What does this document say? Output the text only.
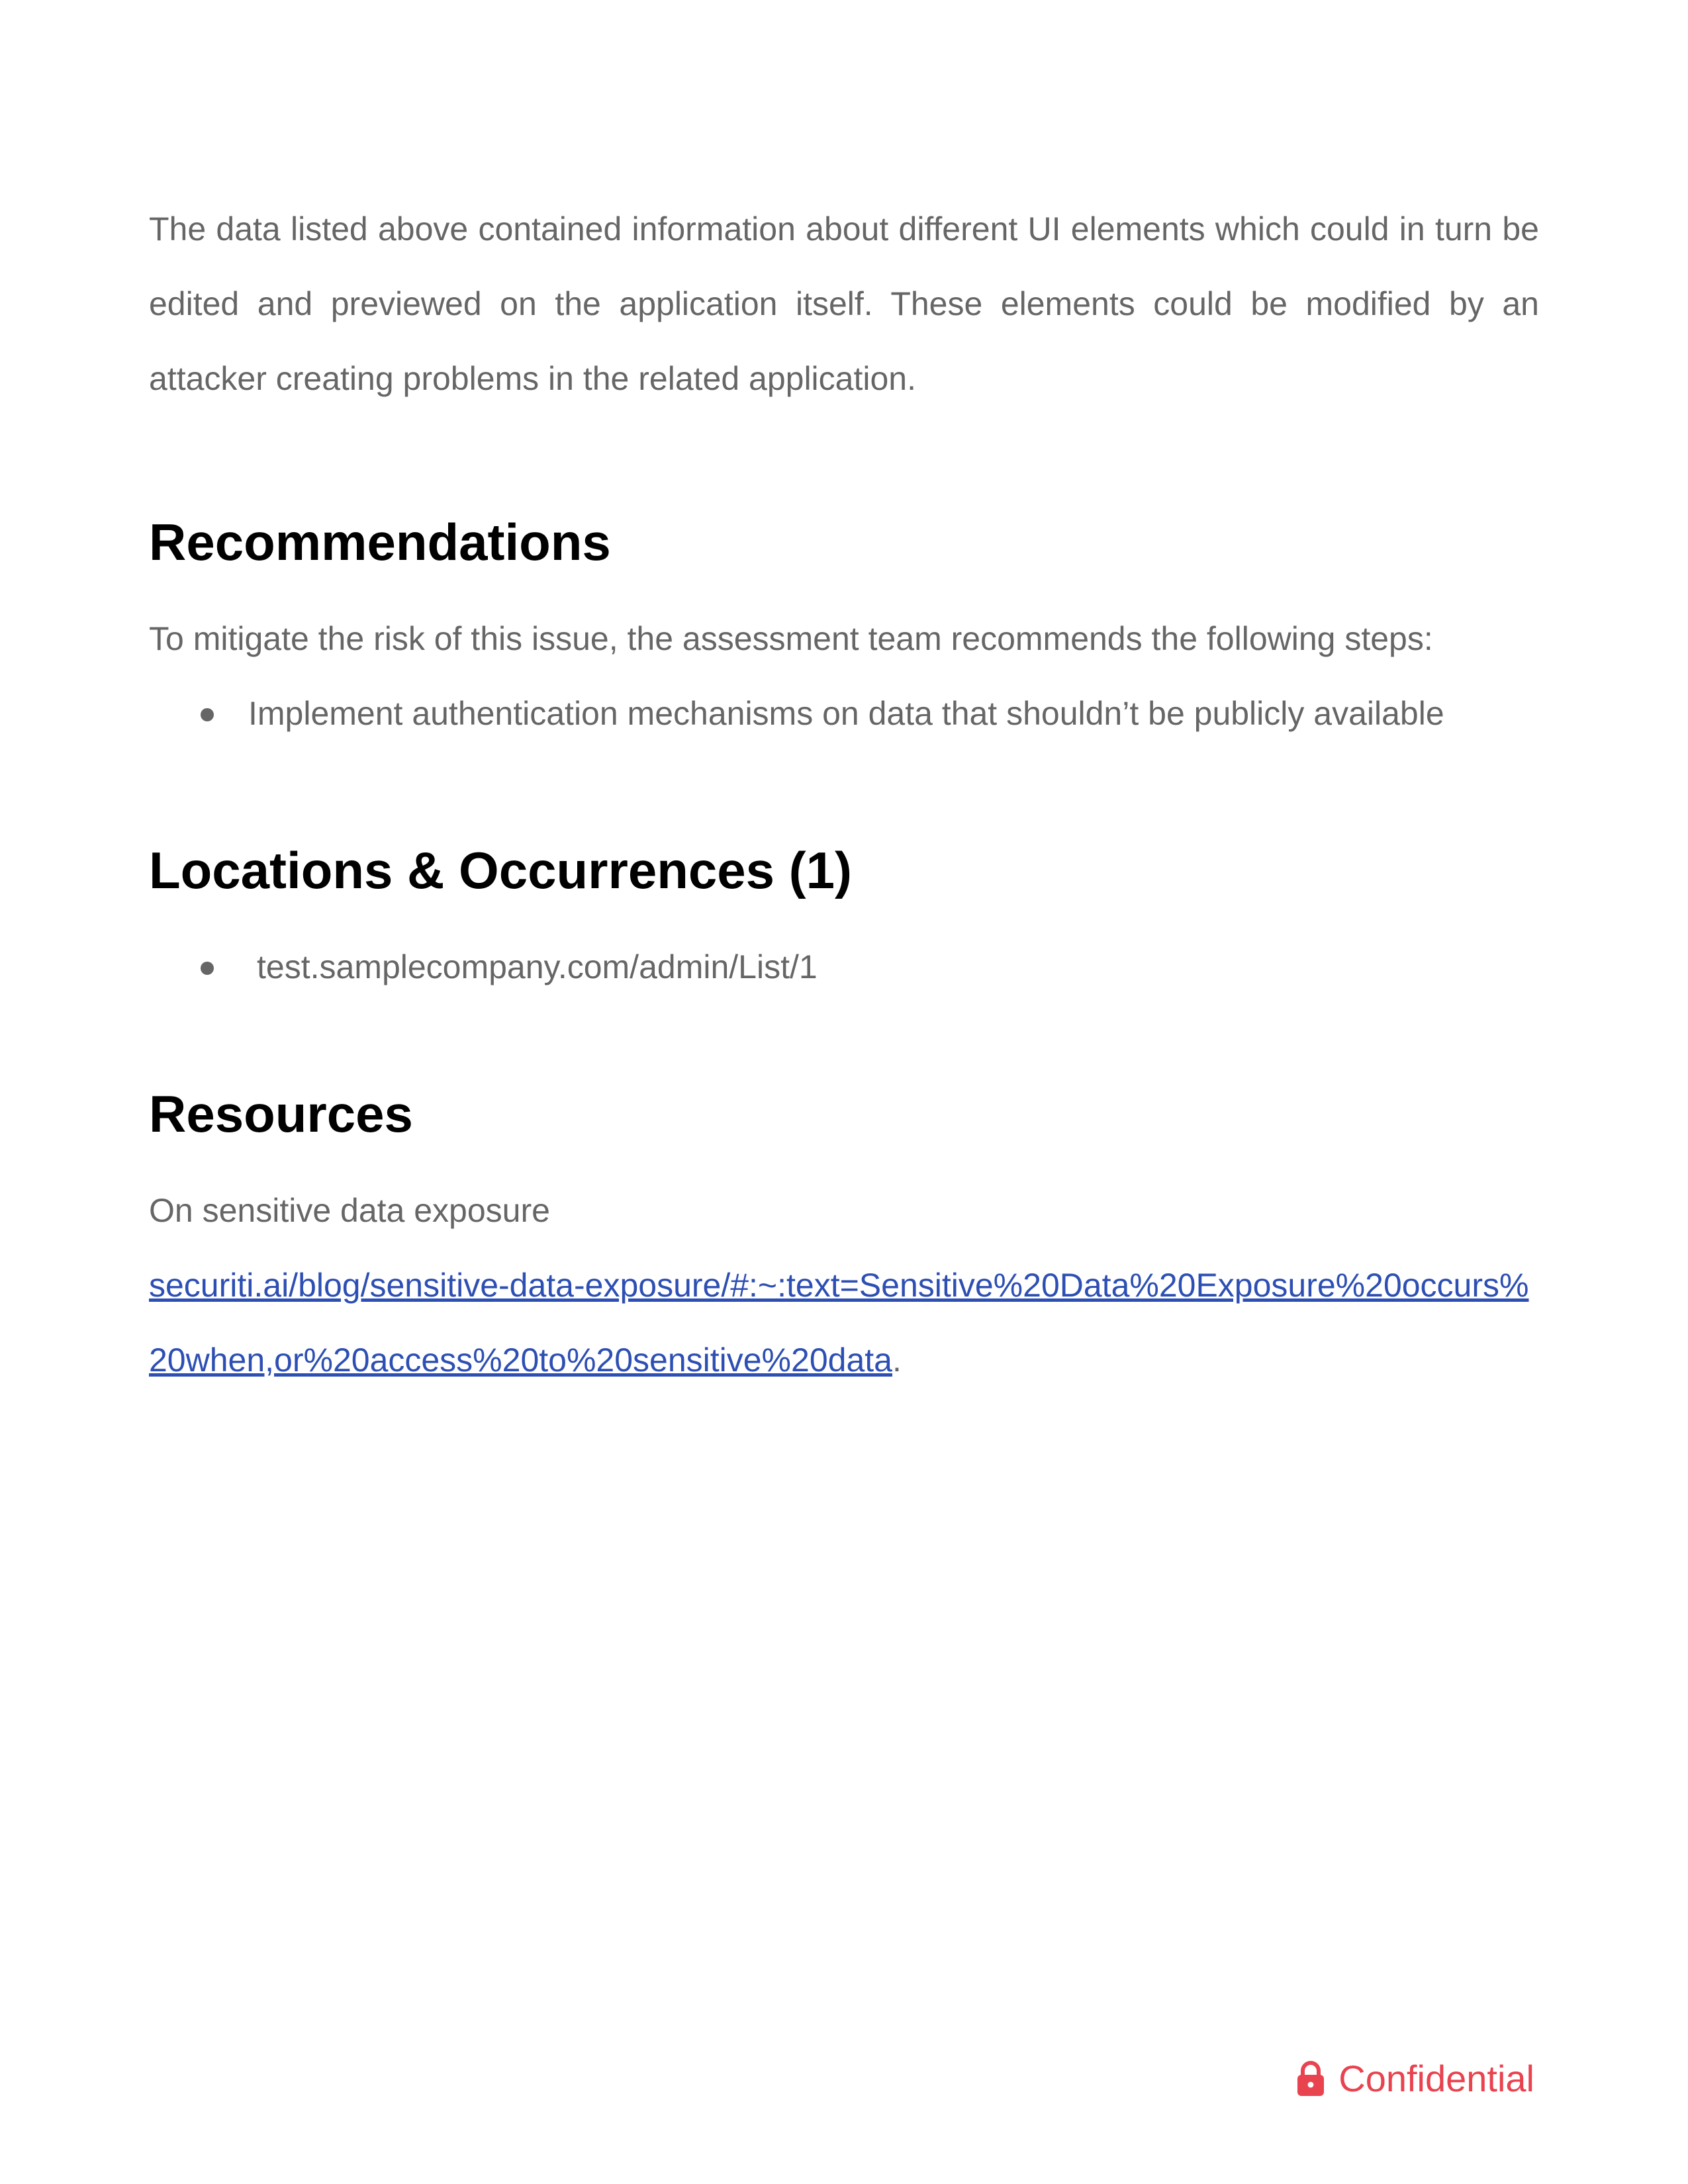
The data listed above contained information about different UI elements which could in turn be edited and previewed on the application itself. These elements could be modified by an attacker creating problems in the related application.

Recommendations

To mitigate the risk of this issue, the assessment team recommends the following steps:

Implement authentication mechanisms on data that shouldn’t be publicly available
Locations & Occurrences (1)
test.samplecompany.com/admin/List/1
Resources

On sensitive data exposure

securiti.ai/blog/sensitive-data-exposure/#:~:text=Sensitive%20Data%20Exposure%20occurs%20when,or%20access%20to%20sensitive%20data.

Confidential
